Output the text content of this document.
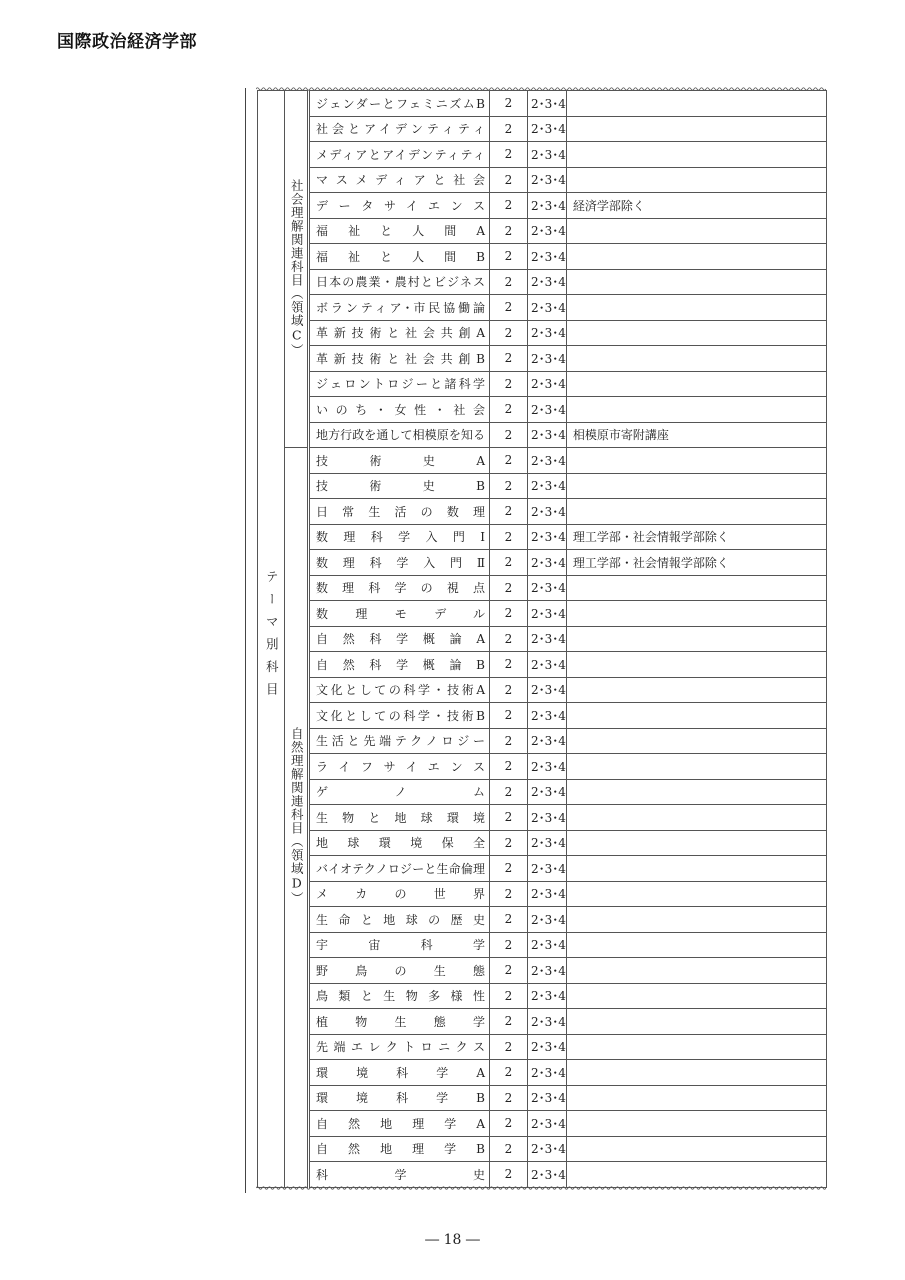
国際政治経済学部
テーマ別科目	社会理解関連科目（領域C）		ジェンダーとフェミニズムB	2	2･3･4	

			社会とアイデンティティ	2	2･3･4	

			メディアとアイデンティティ	2	2･3･4	

			マスメディアと社会	2	2･3･4	

			データサイエンス	2	2･3･4	経済学部除く

			福祉と人間A	2	2･3･4	

			福祉と人間B	2	2･3･4	

			日本の農業・農村とビジネス	2	2･3･4	

			ボランティア･市民協働論	2	2･3･4	

			革新技術と社会共創A	2	2･3･4	

			革新技術と社会共創B	2	2･3･4	

			ジェロントロジーと諸科学	2	2･3･4	

			いのち・女性・社会	2	2･3･4	

			地方行政を通して相模原を知る	2	2･3･4	相模原市寄附講座
	自然理解関連科目（領域D）		技術史A	2	2･3･4	

			技術史B	2	2･3･4	

			日常生活の数理	2	2･3･4	

			数理科学入門Ⅰ	2	2･3･4	理工学部・社会情報学部除く

			数理科学入門Ⅱ	2	2･3･4	理工学部・社会情報学部除く

			数理科学の視点	2	2･3･4	

			数理モデル	2	2･3･4	

			自然科学概論A	2	2･3･4	

			自然科学概論B	2	2･3･4	

			文化としての科学・技術A	2	2･3･4	

			文化としての科学・技術B	2	2･3･4	

			生活と先端テクノロジー	2	2･3･4	

			ライフサイエンス	2	2･3･4	

			ゲノム	2	2･3･4	

			生物と地球環境	2	2･3･4	

			地球環境保全	2	2･3･4	

			バイオテクノロジーと生命倫理	2	2･3･4	

			メカの世界	2	2･3･4	

			生命と地球の歴史	2	2･3･4	

			宇宙科学	2	2･3･4	

			野鳥の生態	2	2･3･4	

			鳥類と生物多様性	2	2･3･4	

			植物生態学	2	2･3･4	

			先端エレクトロニクス	2	2･3･4	

			環境科学A	2	2･3･4	

			環境科学B	2	2･3･4	

			自然地理学A	2	2･3･4	

			自然地理学B	2	2･3･4	

			科学史	2	2･3･4	
― 18 ―
